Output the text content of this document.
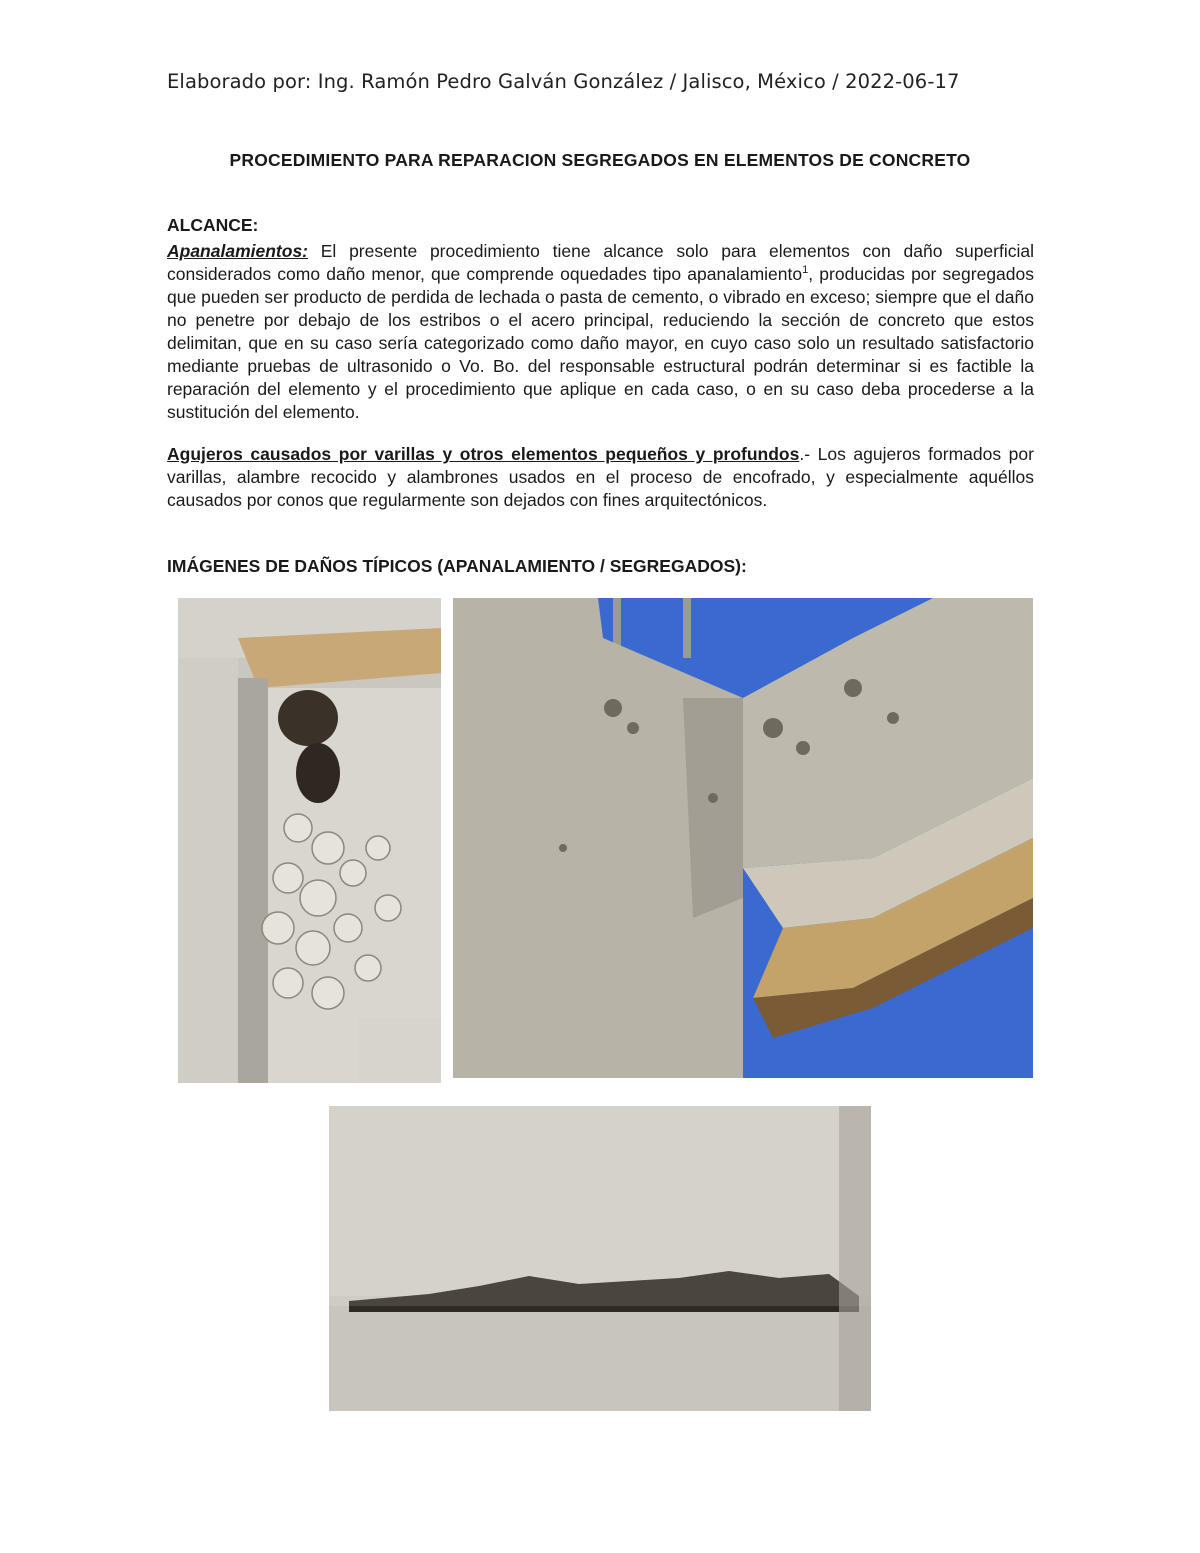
Elaborado por: Ing. Ramón Pedro Galván González / Jalisco, México / 2022-06-17
PROCEDIMIENTO PARA REPARACION SEGREGADOS EN ELEMENTOS DE CONCRETO
ALCANCE:
Apanalamientos: El presente procedimiento tiene alcance solo para elementos con daño superficial considerados como daño menor, que comprende oquedades tipo apanalamiento$^1$, producidas por segregados que pueden ser producto de perdida de lechada o pasta de cemento, o vibrado en exceso; siempre que el daño no penetre por debajo de los estribos o el acero principal, reduciendo la sección de concreto que estos delimitan, que en su caso sería categorizado como daño mayor, en cuyo caso solo un resultado satisfactorio mediante pruebas de ultrasonido o Vo. Bo. del responsable estructural podrán determinar si es factible la reparación del elemento y el procedimiento que aplique en cada caso, o en su caso deba procederse a la sustitución del elemento.
Agujeros causados por varillas y otros elementos pequeños y profundos.- Los agujeros formados por varillas, alambre recocido y alambrones usados en el proceso de encofrado, y especialmente aquéllos causados por conos que regularmente son dejados con fines arquitectónicos.
IMÁGENES DE DAÑOS TÍPICOS (APANALAMIENTO / SEGREGADOS):
